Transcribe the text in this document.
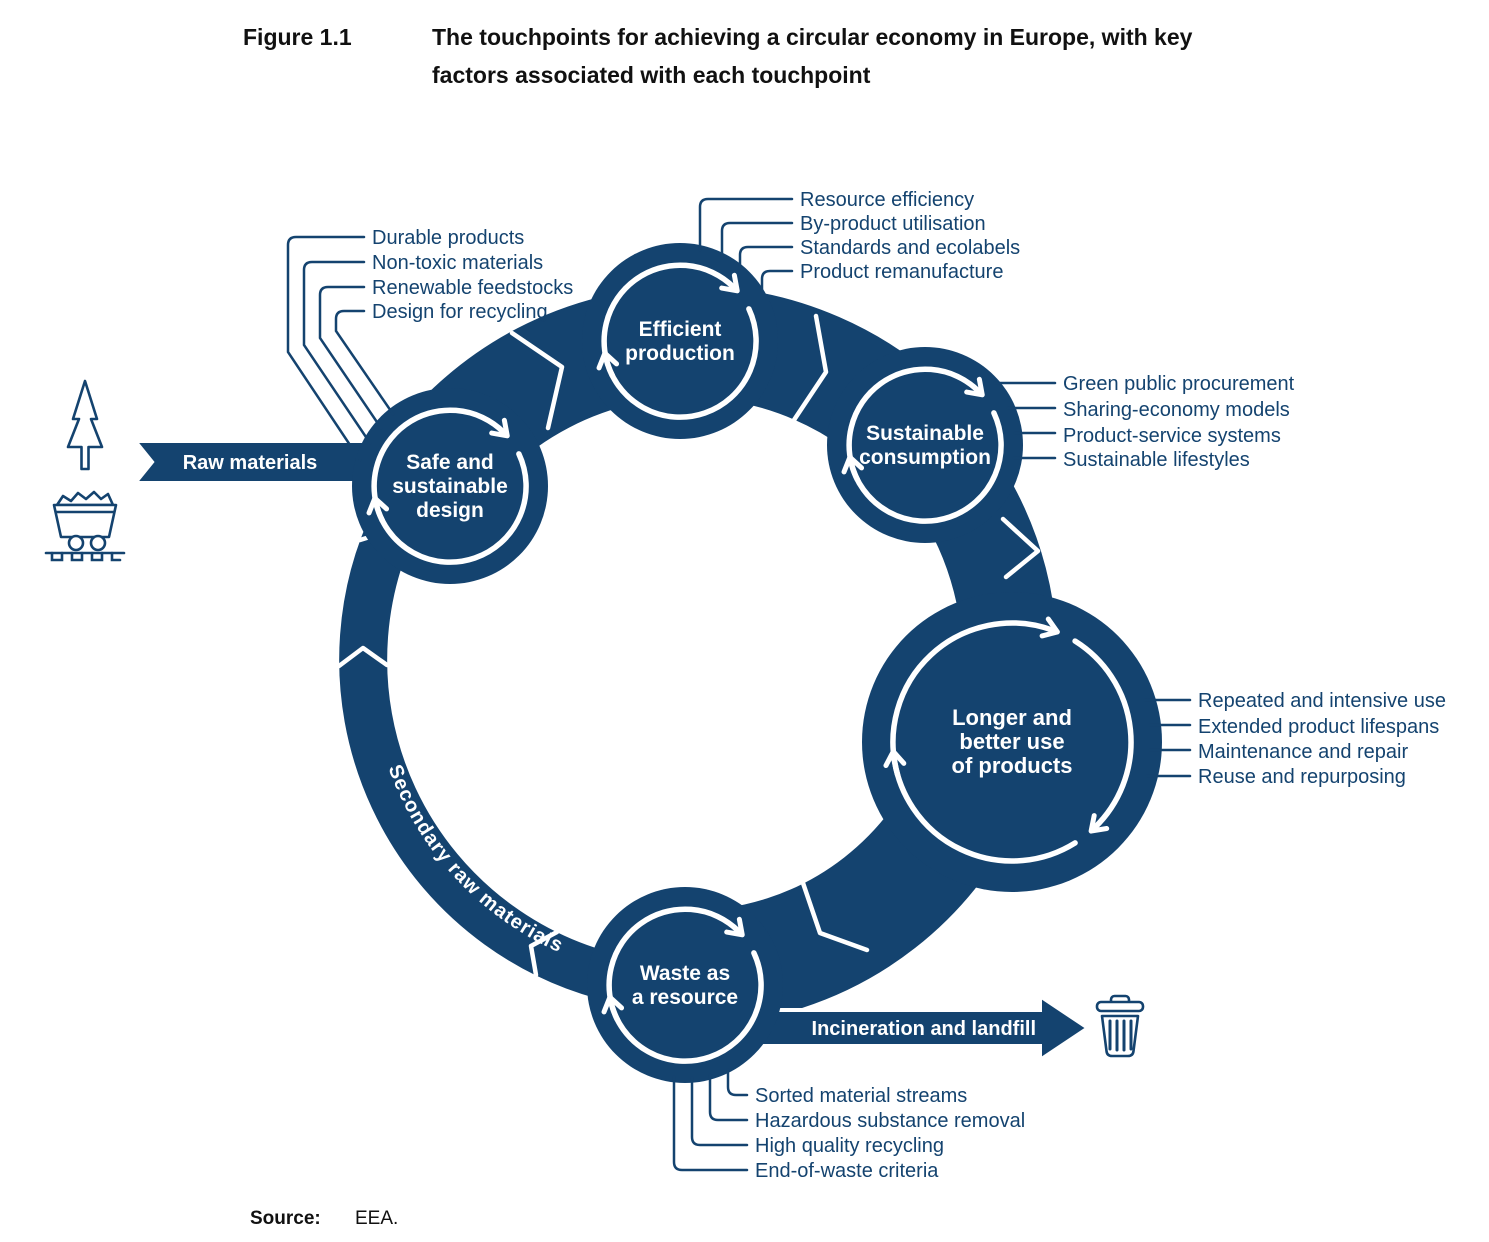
Figure 1.1	The touchpoints for achieving a circular economy in Europe, with key
factors associated with each touchpoint
Secondary raw materials
Raw materials
Incineration and landfill
Safe and
sustainable
design
Efficient
production
Sustainable
consumption
Longer and
better use
of products
Waste as
a resource
Durable products
Non-toxic materials
Renewable feedstocks
Design for recycling
Resource efficiency
By-product utilisation
Standards and ecolabels
Product remanufacture
Green public procurement
Sharing-economy models
Product-service systems
Sustainable lifestyles
Repeated and intensive use
Extended product lifespans
Maintenance and repair
Reuse and repurposing
Sorted material streams
Hazardous substance removal
High quality recycling
End-of-waste criteria
Source: EEA.
